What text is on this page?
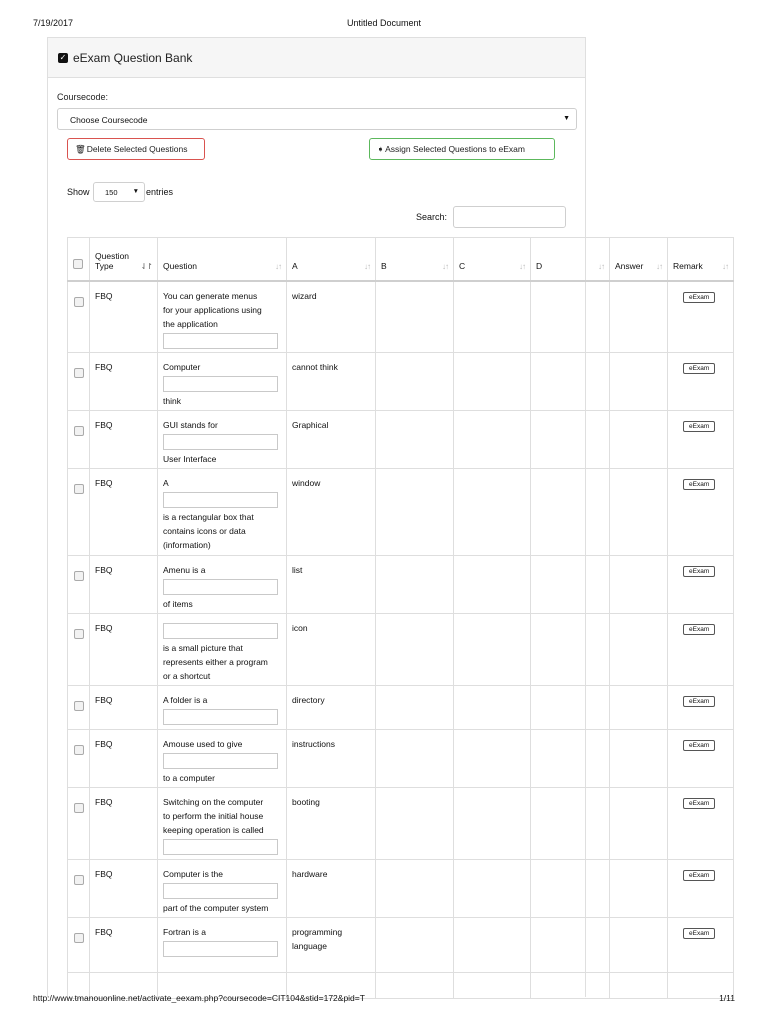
7/19/2017	Untitled Document
✓ eExam Question Bank
Coursecode:
Choose Coursecode	▼
🗑Delete Selected Questions	➧Assign Selected Questions to eExam
Show 150 ▼ entries
Search:
	Question
Type ⇃↾	Question ↓↑	A ↓↑	B ↓↑	C ↓↑	D ↓↑	Answer ↓↑	Remark ↓↑

	FBQ	You can generate menus
for your applications using
the application	wizard					eExam
	FBQ	Computer
think	cannot think					eExam
	FBQ	GUI stands for
User Interface	Graphical					eExam
	FBQ	A
is a rectangular box that
contains icons or data
(information)	window					eExam
	FBQ	Amenu is a
of items	list					eExam
	FBQ	is a small picture that
represents either a program
or a shortcut	icon					eExam
	FBQ	A folder is a	directory					eExam
	FBQ	Amouse used to give
to a computer	instructions					eExam
	FBQ	Switching on the computer
to perform the initial house
keeping operation is called	booting					eExam
	FBQ	Computer is the
part of the computer system	hardware					eExam
	FBQ	Fortran is a	programming
language					eExam

http://www.tmanouonline.net/activate_eexam.php?coursecode=CIT104&stid=172&pid=T	1/11
